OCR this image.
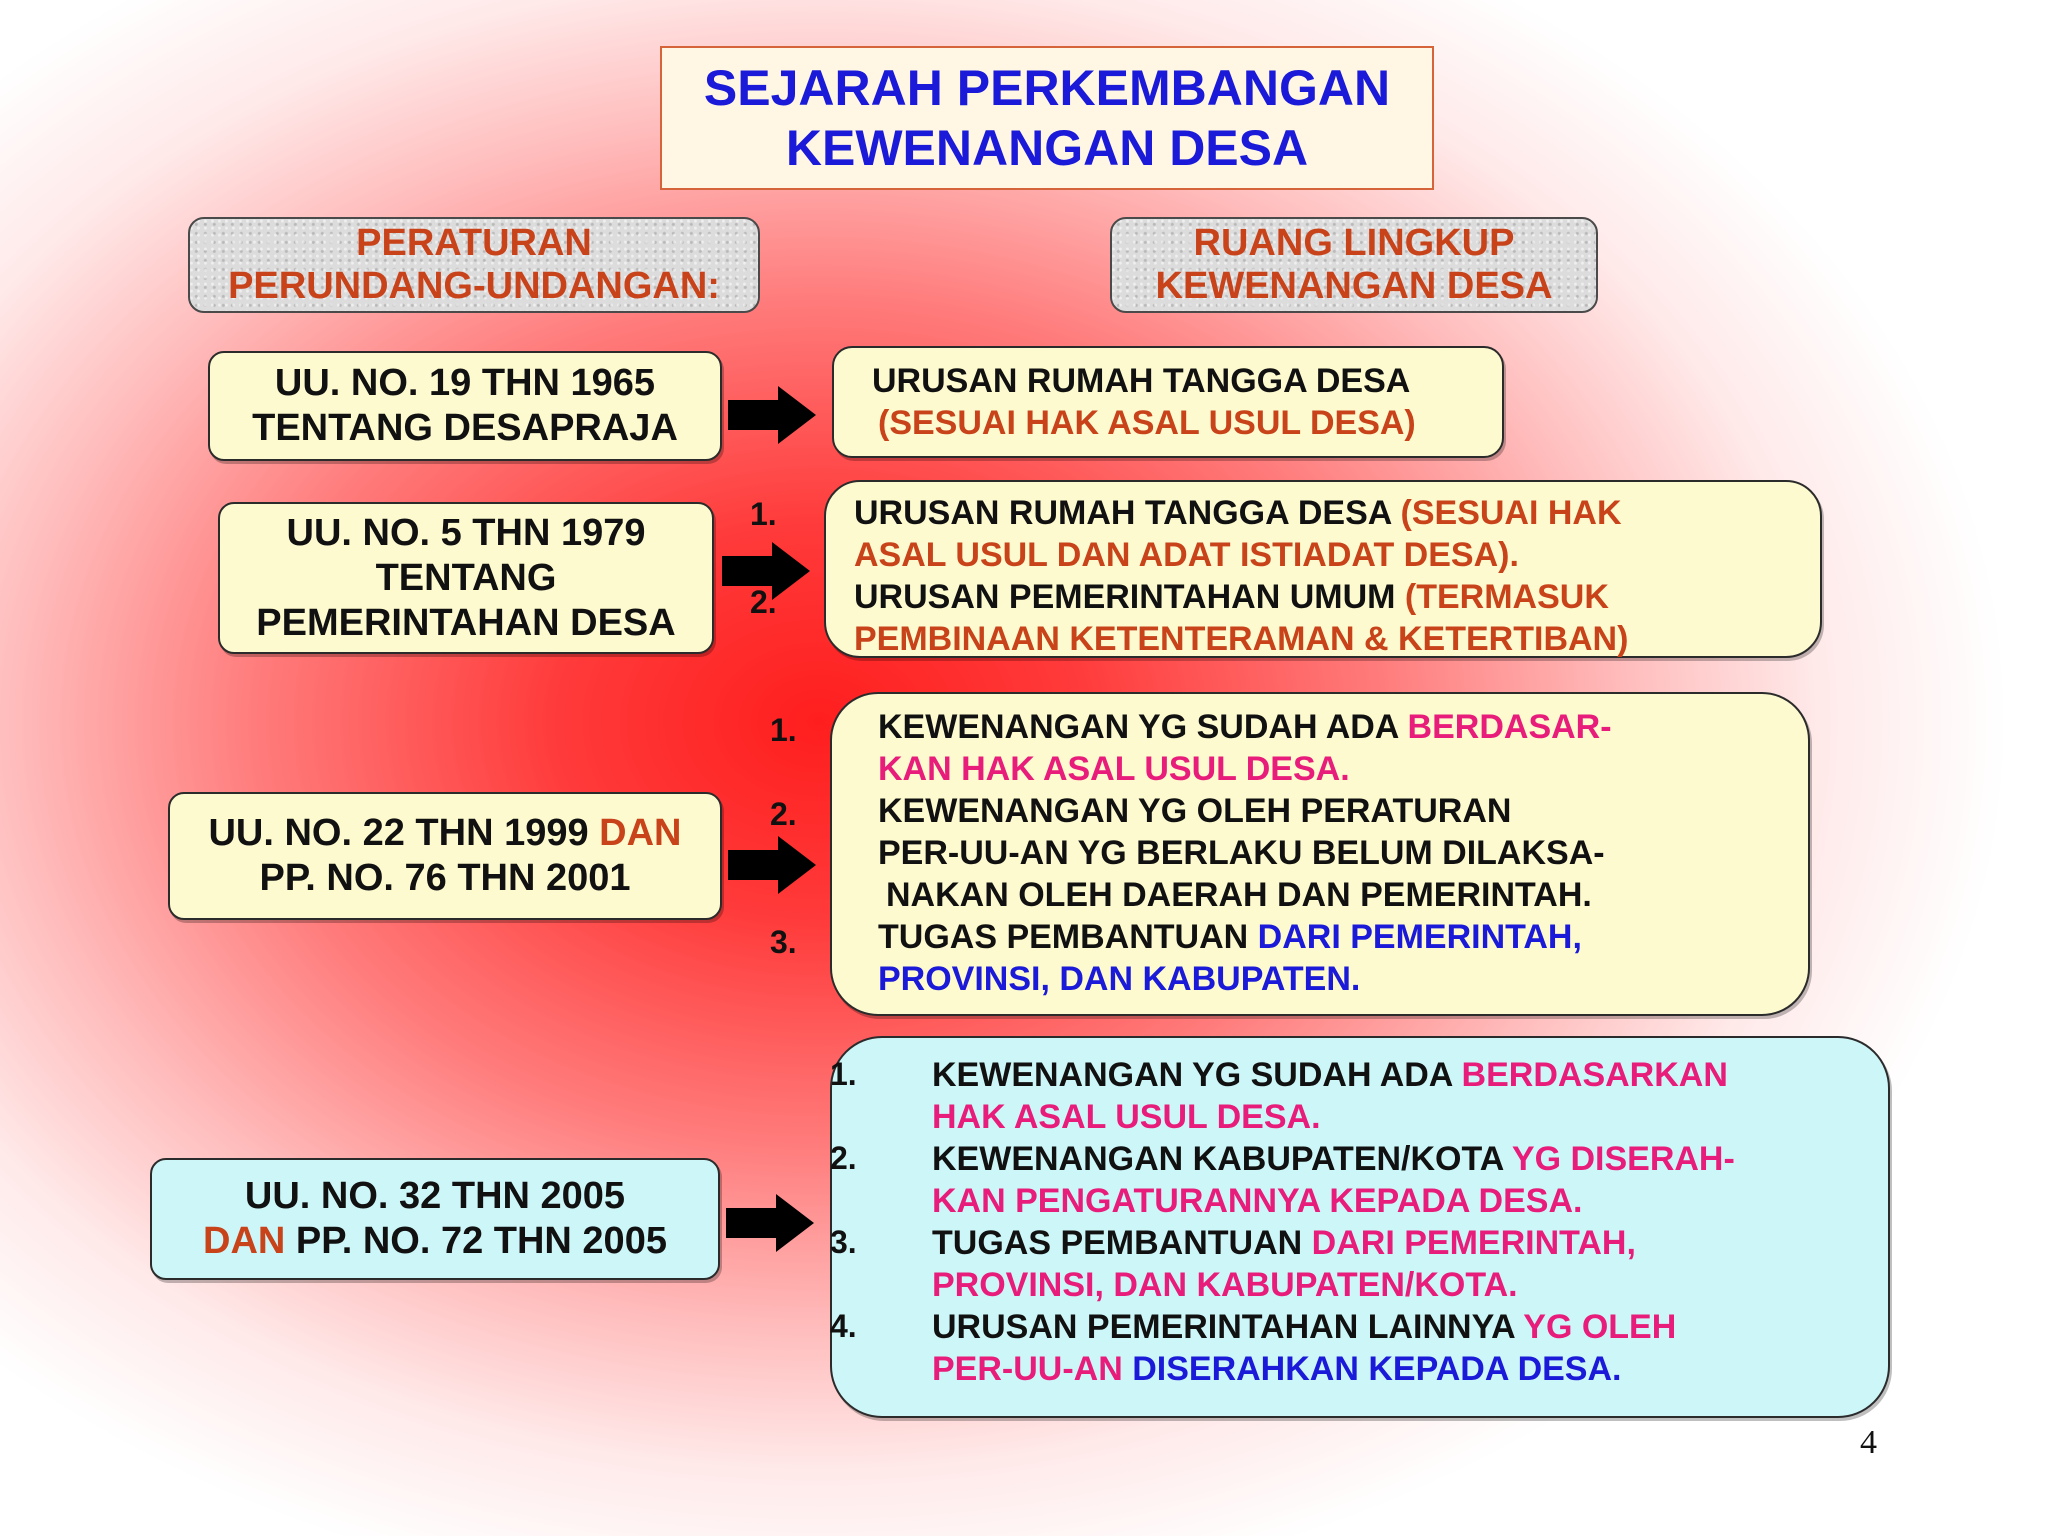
SEJARAH PERKEMBANGAN
KEWENANGAN DESA
PERATURAN
PERUNDANG-UNDANGAN:
RUANG LINGKUP
KEWENANGAN DESA
UU. NO. 19 THN 1965
TENTANG DESAPRAJA
UU. NO. 5 THN 1979
TENTANG
PEMERINTAHAN DESA
UU. NO. 22 THN 1999 DAN
PP. NO. 76 THN 2001
UU. NO. 32 THN 2005
DAN PP. NO. 72 THN 2005
URUSAN RUMAH TANGGA DESA
(SESUAI HAK ASAL USUL DESA)
URUSAN RUMAH TANGGA DESA (SESUAI HAK
ASAL USUL DAN ADAT ISTIADAT DESA).
URUSAN PEMERINTAHAN UMUM (TERMASUK
PEMBINAAN KETENTERAMAN & KETERTIBAN)
1.
2.
KEWENANGAN YG SUDAH ADA BERDASAR-
KAN HAK ASAL USUL DESA.
KEWENANGAN YG OLEH PERATURAN
PER-UU-AN YG BERLAKU BELUM DILAKSA-
NAKAN OLEH DAERAH DAN PEMERINTAH.
TUGAS PEMBANTUAN DARI PEMERINTAH,
PROVINSI, DAN KABUPATEN.
1.
2.
3.
KEWENANGAN YG SUDAH ADA BERDASARKAN
HAK ASAL USUL DESA.
KEWENANGAN KABUPATEN/KOTA YG DISERAH-
KAN PENGATURANNYA KEPADA DESA.
TUGAS PEMBANTUAN DARI PEMERINTAH,
PROVINSI, DAN KABUPATEN/KOTA.
URUSAN PEMERINTAHAN LAINNYA YG OLEH
PER-UU-AN DISERAHKAN KEPADA DESA.
1.
2.
3.
4.
4
